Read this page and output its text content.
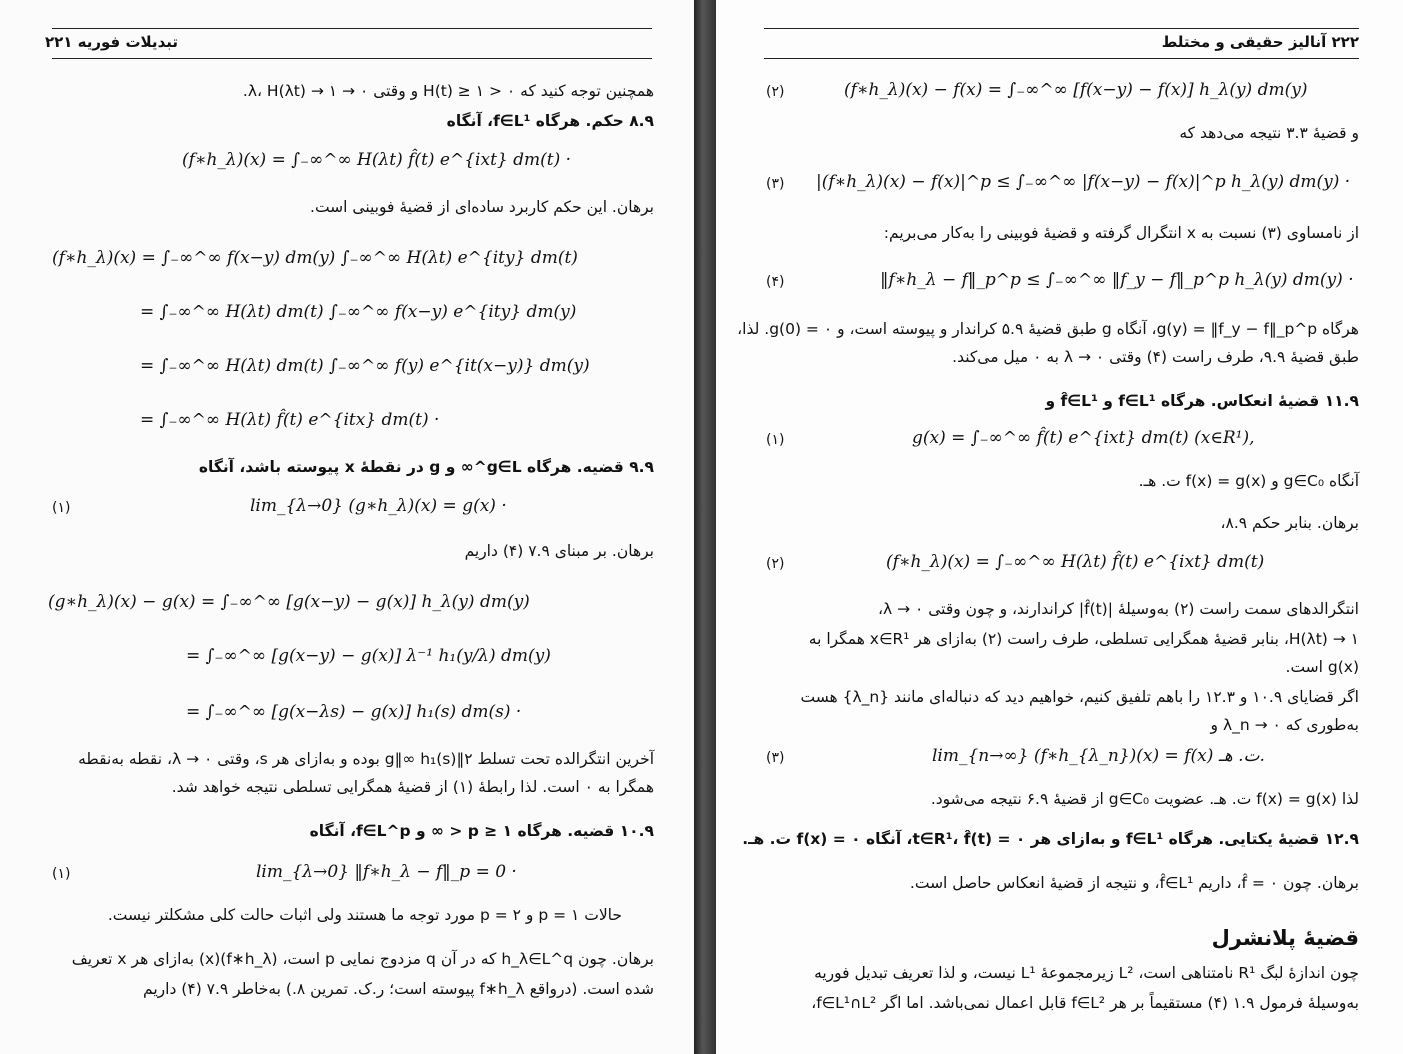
تبدیلات فوریه ۲۲۱
همچنین توجه کنید که H(t) ≥ ۱ > ۰ و وقتی ۰ → λ، H(λt) → ۱.
۸.۹ حکم. هرگاه f∈L¹، آنگاه
(f∗h_λ)(x) = ∫₋∞^∞ H(λt) f̂(t) e^{ixt} dm(t) ·
برهان. این حکم کاربرد ساده‌ای از قضیهٔ فوبینی است.
(f∗h_λ)(x) = ∫₋∞^∞ f(x−y) dm(y) ∫₋∞^∞ H(λt) e^{ity} dm(t)
= ∫₋∞^∞ H(λt) dm(t) ∫₋∞^∞ f(x−y) e^{ity} dm(y)
= ∫₋∞^∞ H(λt) dm(t) ∫₋∞^∞ f(y) e^{it(x−y)} dm(y)
= ∫₋∞^∞ H(λt) f̂(t) e^{itx} dm(t) ·
۹.۹ قضیه. هرگاه g∈L^∞ و g در نقطهٔ x پیوسته باشد، آنگاه
(۱)	lim_{λ→0} (g∗h_λ)(x) = g(x) ·
برهان. بر مبنای ۷.۹ (۴) داریم
(g∗h_λ)(x) − g(x) = ∫₋∞^∞ [g(x−y) − g(x)] h_λ(y) dm(y)
= ∫₋∞^∞ [g(x−y) − g(x)] λ⁻¹ h₁(y/λ) dm(y)
= ∫₋∞^∞ [g(x−λs) − g(x)] h₁(s) dm(s) ·
آخرین انتگرالده تحت تسلط ۲‖g‖∞ h₁(s) بوده و به‌ازای هر s، وقتی ۰ → λ، نقطه به‌نقطه
همگرا به ۰ است. لذا رابطهٔ (۱) از قضیهٔ همگرایی تسلطی نتیجه خواهد شد.
۱۰.۹ قضیه. هرگاه ۱ ≤ p < ∞ و f∈L^p، آنگاه
(۱)	lim_{λ→0} ‖f∗h_λ − f‖_p = 0 ·
حالات p = ۱ و p = ۲ مورد توجه ما هستند ولی اثبات حالت کلی مشکلتر نیست.
برهان. چون h_λ∈L^q که در آن q مزدوج نمایی p است، (f∗h_λ)(x) به‌ازای هر x تعریف
شده است. (درواقع f∗h_λ پیوسته است؛ ر.ک. تمرین ۸.) به‌خاطر ۷.۹ (۴) داریم
۲۲۲ آنالیز حقیقی و مختلط
(۲)	(f∗h_λ)(x) − f(x) = ∫₋∞^∞ [f(x−y) − f(x)] h_λ(y) dm(y)
و قضیهٔ ۳.۳ نتیجه می‌دهد که
(۳) |(f∗h_λ)(x) − f(x)|^p ≤ ∫₋∞^∞ |f(x−y) − f(x)|^p h_λ(y) dm(y) ·
از نامساوی (۳) نسبت به x انتگرال گرفته و قضیهٔ فوبینی را به‌کار می‌بریم:
(۴)	‖f∗h_λ − f‖_p^p ≤ ∫₋∞^∞ ‖f_y − f‖_p^p h_λ(y) dm(y) ·
هرگاه g(y) = ‖f_y − f‖_p^p، آنگاه g طبق قضیهٔ ۵.۹ کراندار و پیوسته است، و g(0) = ۰. لذا،
طبق قضیهٔ ۹.۹، طرف راست (۴) وقتی ۰ → λ به ۰ میل می‌کند.
۱۱.۹ قضیهٔ انعکاس. هرگاه f∈L¹ و f̂∈L¹ و
(۱)	g(x) = ∫₋∞^∞ f̂(t) e^{ixt} dm(t) (x∈R¹),
آنگاه g∈C₀ و f(x) = g(x) ت. هـ.
برهان. بنابر حکم ۸.۹،
(۲)	(f∗h_λ)(x) = ∫₋∞^∞ H(λt) f̂(t) e^{ixt} dm(t)
انتگرالدهای سمت راست (۲) به‌وسیلهٔ |f̂(t)| کراندارند، و چون وقتی ۰ → λ،
H(λt) → ۱، بنابر قضیهٔ همگرایی تسلطی، طرف راست (۲) به‌ازای هر x∈R¹ همگرا به
g(x) است.
اگر قضایای ۱۰.۹ و ۱۲.۳ را باهم تلفیق کنیم، خواهیم دید که دنباله‌ای مانند {λ_n} هست
به‌طوری که λ_n → ۰ و
(۳)	lim_{n→∞} (f∗h_{λ_n})(x) = f(x) ت. هـ.
لذا f(x) = g(x) ت. هـ. عضویت g∈C₀ از قضیهٔ ۶.۹ نتیجه می‌شود.
۱۲.۹ قضیهٔ یکتایی. هرگاه f∈L¹ و به‌ازای هر t∈R¹، f̂(t) = ۰، آنگاه f(x) = ۰ ت. هـ.
برهان. چون f̂ = ۰، داریم f̂∈L¹، و نتیجه از قضیهٔ انعکاس حاصل است.
قضیهٔ پلانشرل
چون اندازهٔ لبگ R¹ نامتناهی است، L² زیرمجموعهٔ L¹ نیست، و لذا تعریف تبدیل فوریه
به‌وسیلهٔ فرمول ۱.۹ (۴) مستقیماً بر هر f∈L² قابل اعمال نمی‌باشد. اما اگر f∈L¹∩L²،
